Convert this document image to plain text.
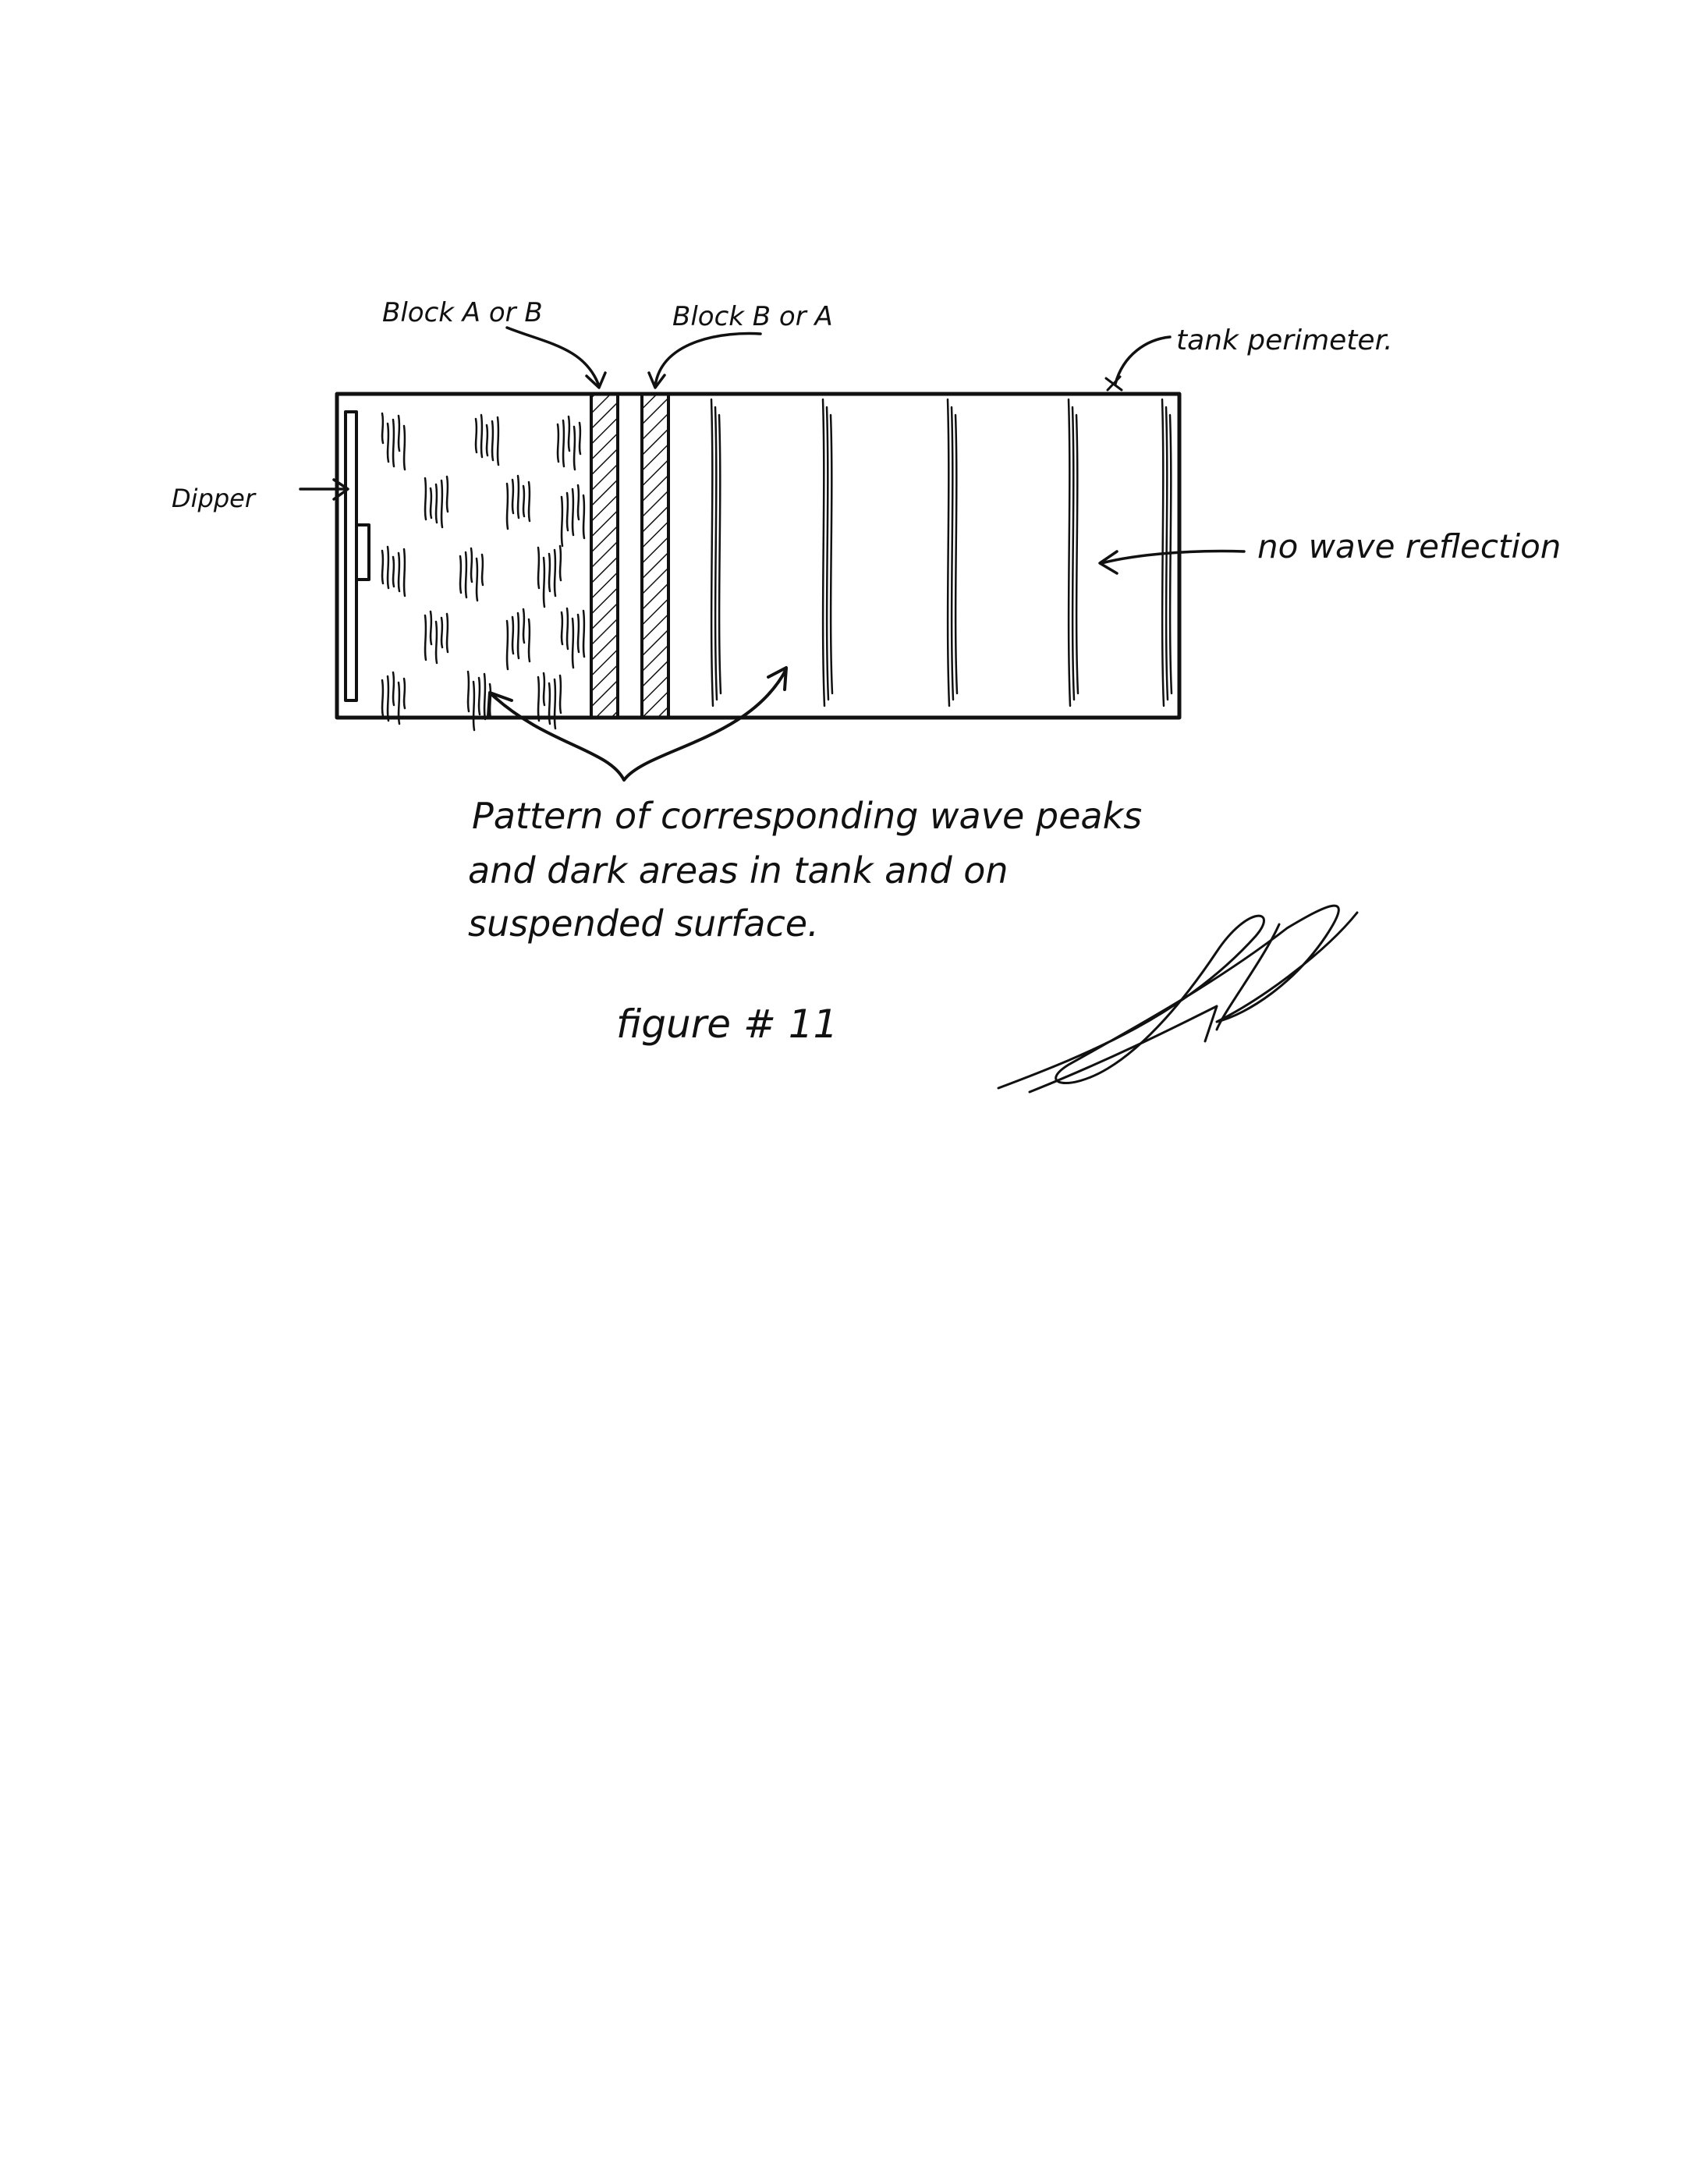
Block A or B	Block B or A
tank perimeter.
Dipper
no wave reflection
Pattern of corresponding wave peaks
and dark areas in tank and on
suspended surface.
figure # 11
